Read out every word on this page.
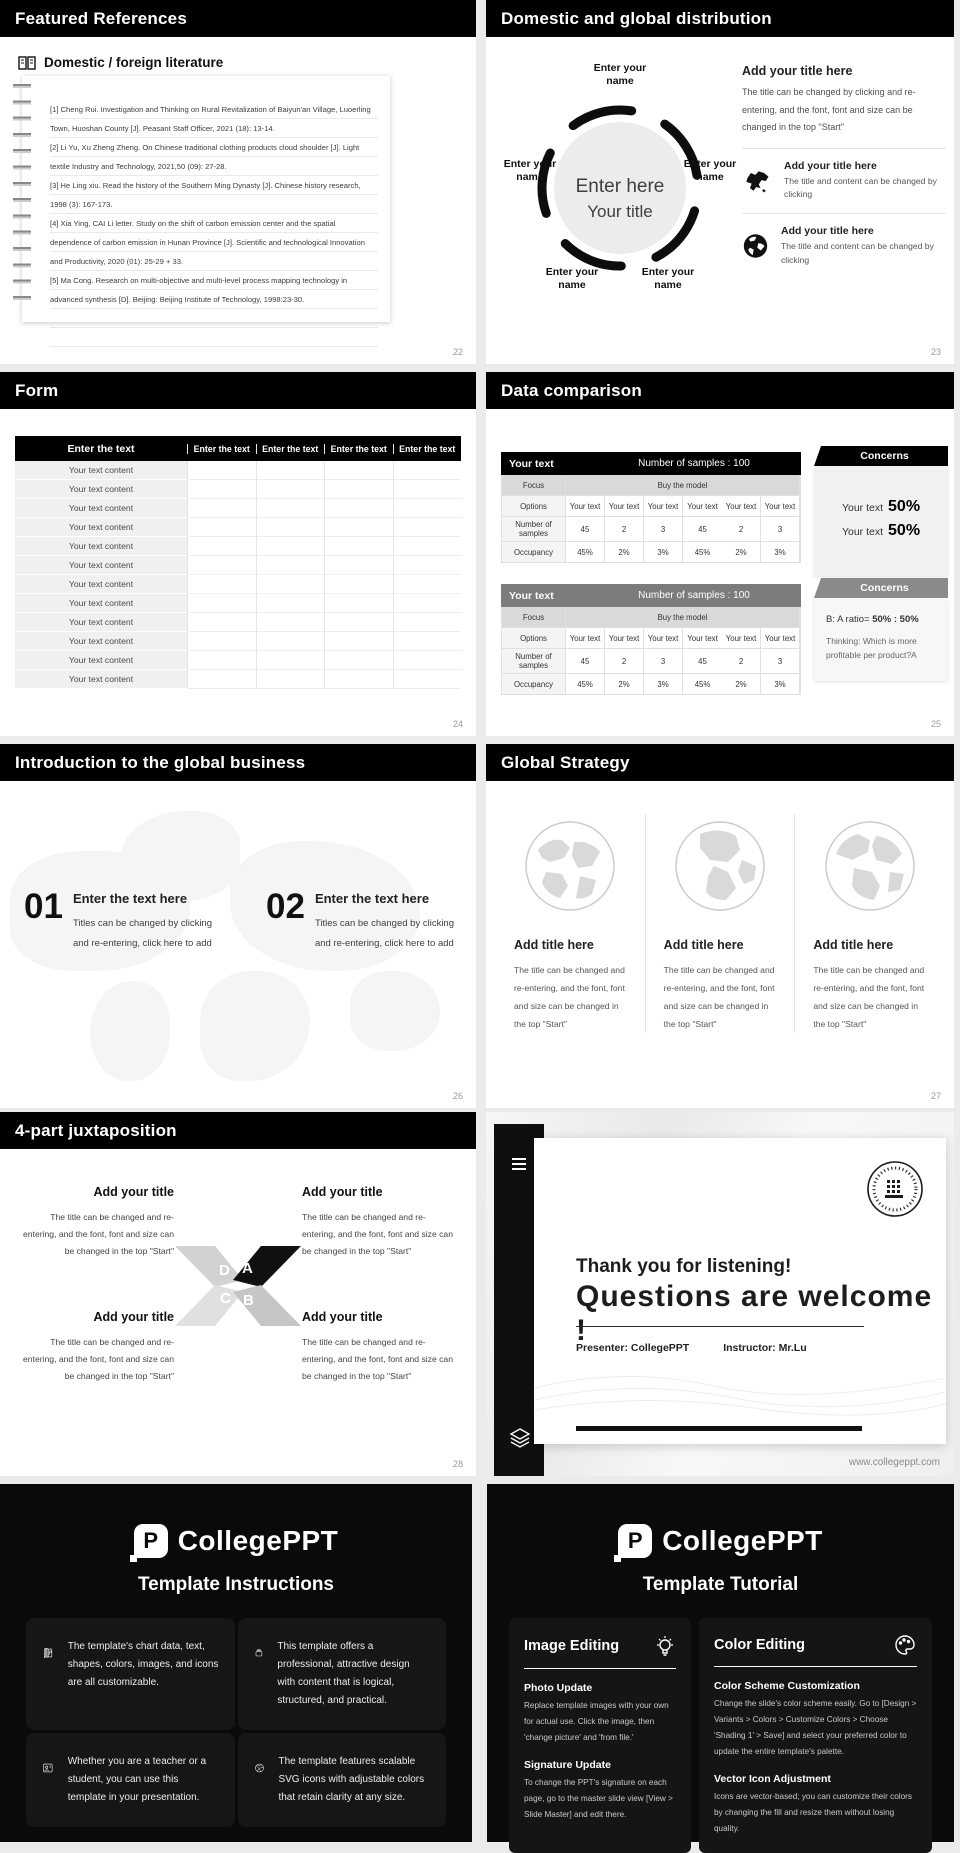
Featured References
Domestic / foreign literature
[1] Cheng Rui. Investigation and Thinking on Rural Revitalization of Baiyun'an Village, Luoerling Town, Huoshan County [J]. Peasant Staff Officer, 2021 (18): 13-14.
[2] Li Yu, Xu Zheng Zheng. On Chinese traditional clothing products cloud shoulder [J]. Light textile Industry and Technology, 2021,50 (09): 27-28.
[3] He Ling xiu. Read the history of the Southern Ming Dynasty [J]. Chinese history research, 1998 (3): 167-173.
[4] Xia Ying, CAI Li letter. Study on the shift of carbon emission center and the spatial dependence of carbon emission in Hunan Province [J]. Scientific and technological Innovation and Productivity, 2020 (01): 25-29 + 33.
[5] Ma Cong. Research on multi-objective and multi-level process mapping technology in advanced synthesis [D]. Beijing: Beijing Institute of Technology, 1998:23-30.
22
Domestic and global distribution
Enter here
Your title
Enter your name
Enter your name
Enter your name
Enter your name
Enter your name
Add your title here
The title can be changed by clicking and re-entering, and the font, font and size can be changed in the top "Start"
Add your title here
The title and content can be changed by clicking
Add your title here
The title and content can be changed by clicking
23
Form
Enter the text	Enter the text	Enter the text	Enter the text	Enter the text
Your text content
Your text content
Your text content
Your text content
Your text content
Your text content
Your text content
Your text content
Your text content
Your text content
Your text content
Your text content
24
Data comparison
Your text	Number of samples : 100
Focus	Buy the model
Options	Your text	Your text	Your text	Your text	Your text	Your text
Number of samples	45	2	3	45	2	3
Occupancy	45%	2%	3%	45%	2%	3%
Your text	Number of samples : 100
Focus	Buy the model
Options	Your text	Your text	Your text	Your text	Your text	Your text
Number of samples	45	2	3	45	2	3
Occupancy	45%	2%	3%	45%	2%	3%
Concerns
Your text 50%
Your text 50%
Concerns
B: A ratio= 50% : 50%
Thinking: Which is more profitable per product?A
25
Introduction to the global business
01 Enter the text here
Titles can be changed by clicking and re-entering, click here to add
02 Enter the text here
Titles can be changed by clicking and re-entering, click here to add
26
Global Strategy
Add title here
The title can be changed and re-entering, and the font, font and size can be changed in the top "Start"
Add title here
The title can be changed and re-entering, and the font, font and size can be changed in the top "Start"
Add title here
The title can be changed and re-entering, and the font, font and size can be changed in the top "Start"
27
4-part juxtaposition
Add your title
The title can be changed and re-entering, and the font, font and size can be changed in the top "Start"
Add your title
The title can be changed and re-entering, and the font, font and size can be changed in the top "Start"
Add your title
The title can be changed and re-entering, and the font, font and size can be changed in the top "Start"
Add your title
The title can be changed and re-entering, and the font, font and size can be changed in the top "Start"
D A
C B
28
Thank you for listening!
Questions are welcome !
Presenter: CollegePPT	Instructor: Mr.Lu
www.collegeppt.com
P CollegePPT
Template Instructions
The template's chart data, text, shapes, colors, images, and icons are all customizable.
This template offers a professional, attractive design with content that is logical, structured, and practical.
Whether you are a teacher or a student, you can use this template in your presentation.
The template features scalable SVG icons with adjustable colors that retain clarity at any size.
P CollegePPT
Template Tutorial
Image Editing
Photo Update

Replace template images with your own for actual use. Click the image, then 'change picture' and 'from file.'

Signature Update

To change the PPT's signature on each page, go to the master slide view [View > Slide Master] and edit there.

Color Editing
Color Scheme Customization

Change the slide's color scheme easily. Go to [Design > Variants > Colors > Customize Colors > Choose 'Shading 1' > Save] and select your preferred color to update the entire template's palette.

Vector Icon Adjustment

Icons are vector-based; you can customize their colors by changing the fill and resize them without losing quality.
